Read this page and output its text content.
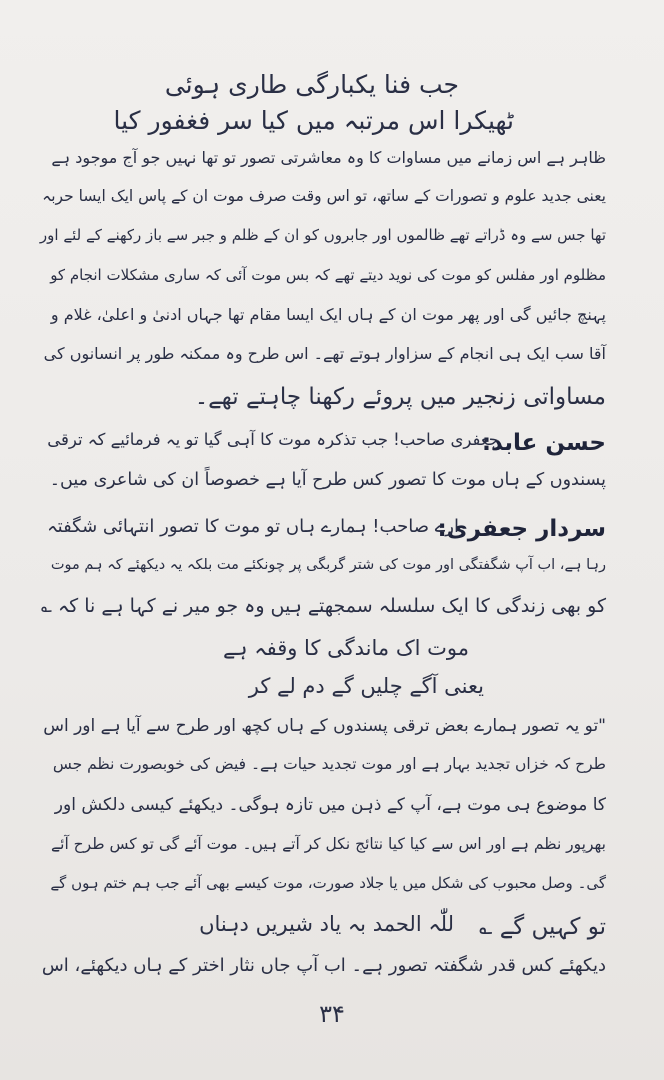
جب فنا یکبارگی طاری ہوئی
ٹھیکرا اس مرتبہ میں کیا سر فغفور کیا
ظاہر ہے اس زمانے میں مساوات کا وہ معاشرتی تصور تو تھا نہیں جو آج موجود ہے
یعنی جدید علوم و تصورات کے ساتھ، تو اس وقت صرف موت ان کے پاس ایک ایسا حربہ
تھا جس سے وہ ڈراتے تھے ظالموں اور جابروں کو ان کے ظلم و جبر سے باز رکھنے کے لئے اور
مظلوم اور مفلس کو موت کی نوید دیتے تھے کہ بس موت آئی کہ ساری مشکلات انجام کو
پہنچ جائیں گی اور پھر موت ان کے ہاں ایک ایسا مقام تھا جہاں ادنیٰ و اعلیٰ، غلام و
آقا سب ایک ہی انجام کے سزاوار ہوتے تھے۔ اس طرح وہ ممکنہ طور پر انسانوں کی
مساواتی زنجیر میں پروئے رکھنا چاہتے تھے۔
حسن عابد:
جعفری صاحب! جب تذکرہ موت کا آہی گیا تو یہ فرمائیے کہ ترقی
پسندوں کے ہاں موت کا تصور کس طرح آیا ہے خصوصاً ان کی شاعری میں۔
سردار جعفری:
ارے صاحب! ہمارے ہاں تو موت کا تصور انتہائی شگفتہ
رہا ہے، اب آپ شگفتگی اور موت کی شتر گربگی پر چونکئے مت بلکہ یہ دیکھئے کہ ہم موت
کو بھی زندگی کا ایک سلسلہ سمجھتے ہیں وہ جو میر نے کہا ہے نا کہ ؎
موت اک ماندگی کا وقفہ ہے
یعنی آگے چلیں گے دم لے کر
"تو یہ تصور ہمارے بعض ترقی پسندوں کے ہاں کچھ اور طرح سے آیا ہے اور اس
طرح کہ خزاں تجدید بہار ہے اور موت تجدید حیات ہے۔ فیض کی خوبصورت نظم جس
کا موضوع ہی موت ہے، آپ کے ذہن میں تازہ ہوگی۔ دیکھئے کیسی دلکش اور
بھرپور نظم ہے اور اس سے کیا کیا نتائج نکل کر آتے ہیں۔ موت آئے گی تو کس طرح آئے
گی۔ وصل محبوب کی شکل میں یا جلاد صورت، موت کیسے بھی آئے جب ہم ختم ہوں گے
تو کہیں گے ؎
للّٰہ الحمد بہ یاد شیریں دہناں
دیکھئے کس قدر شگفتہ تصور ہے۔ اب آپ جاں نثار اختر کے ہاں دیکھئے، اس
۳۴
